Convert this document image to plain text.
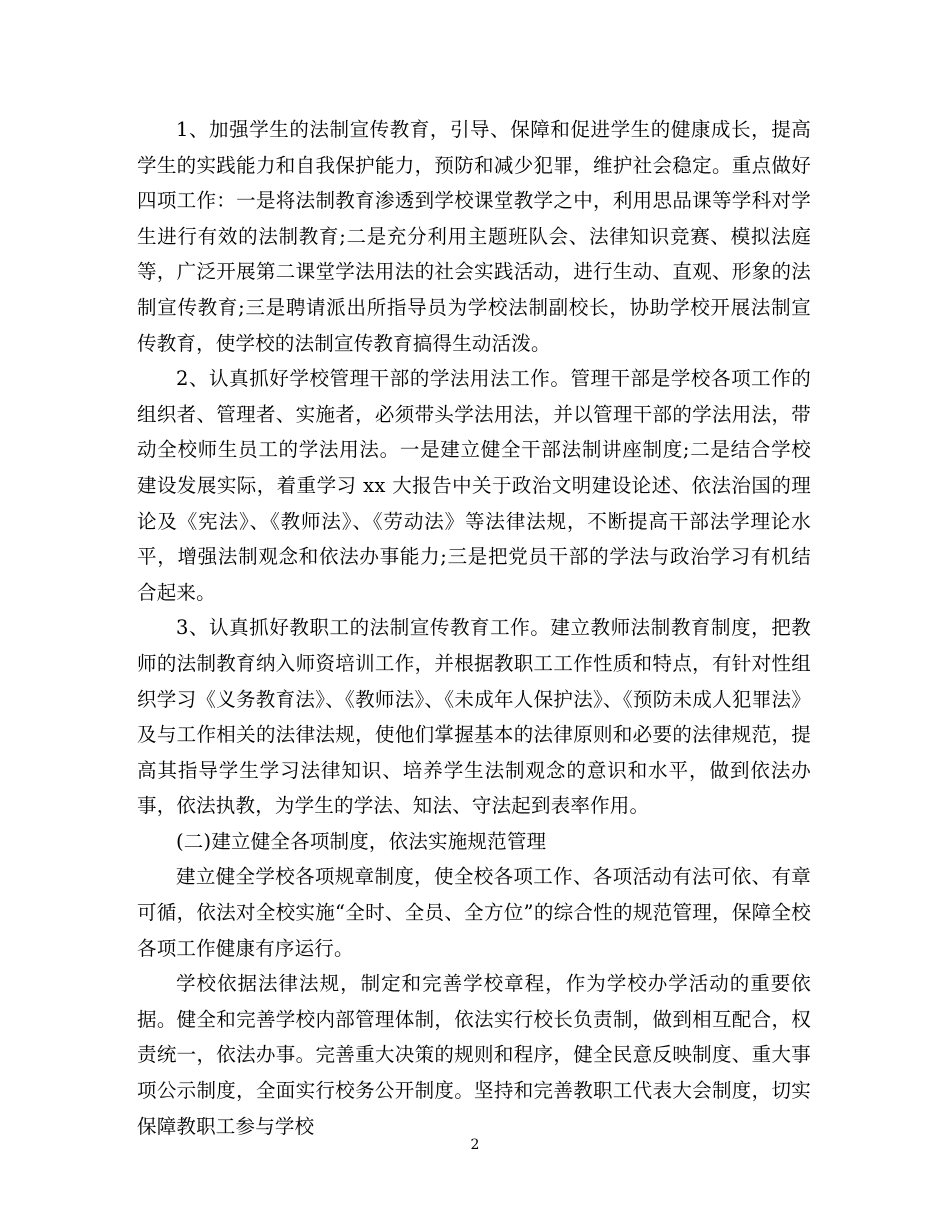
1、加强学生的法制宣传教育，引导、保障和促进学生的健康成长，提高学生的实践能力和自我保护能力，预防和减少犯罪，维护社会稳定。重点做好四项工作：一是将法制教育渗透到学校课堂教学之中，利用思品课等学科对学生进行有效的法制教育;二是充分利用主题班队会、法律知识竞赛、模拟法庭等，广泛开展第二课堂学法用法的社会实践活动，进行生动、直观、形象的法制宣传教育;三是聘请派出所指导员为学校法制副校长，协助学校开展法制宣传教育，使学校的法制宣传教育搞得生动活泼。

2、认真抓好学校管理干部的学法用法工作。管理干部是学校各项工作的组织者、管理者、实施者，必须带头学法用法，并以管理干部的学法用法，带动全校师生员工的学法用法。一是建立健全干部法制讲座制度;二是结合学校建设发展实际，着重学习 xx 大报告中关于政治文明建设论述、依法治国的理论及《宪法》、《教师法》、《劳动法》等法律法规，不断提高干部法学理论水平，增强法制观念和依法办事能力;三是把党员干部的学法与政治学习有机结合起来。

3、认真抓好教职工的法制宣传教育工作。建立教师法制教育制度，把教师的法制教育纳入师资培训工作，并根据教职工工作性质和特点，有针对性组织学习《义务教育法》、《教师法》、《未成年人保护法》、《预防未成人犯罪法》及与工作相关的法律法规，使他们掌握基本的法律原则和必要的法律规范，提高其指导学生学习法律知识、培养学生法制观念的意识和水平，做到依法办事，依法执教，为学生的学法、知法、守法起到表率作用。

(二)建立健全各项制度，依法实施规范管理

建立健全学校各项规章制度，使全校各项工作、各项活动有法可依、有章可循，依法对全校实施“全时、全员、全方位”的综合性的规范管理，保障全校各项工作健康有序运行。

学校依据法律法规，制定和完善学校章程，作为学校办学活动的重要依据。健全和完善学校内部管理体制，依法实行校长负责制，做到相互配合，权责统一，依法办事。完善重大决策的规则和程序，健全民意反映制度、重大事项公示制度，全面实行校务公开制度。坚持和完善教职工代表大会制度，切实保障教职工参与学校

2
